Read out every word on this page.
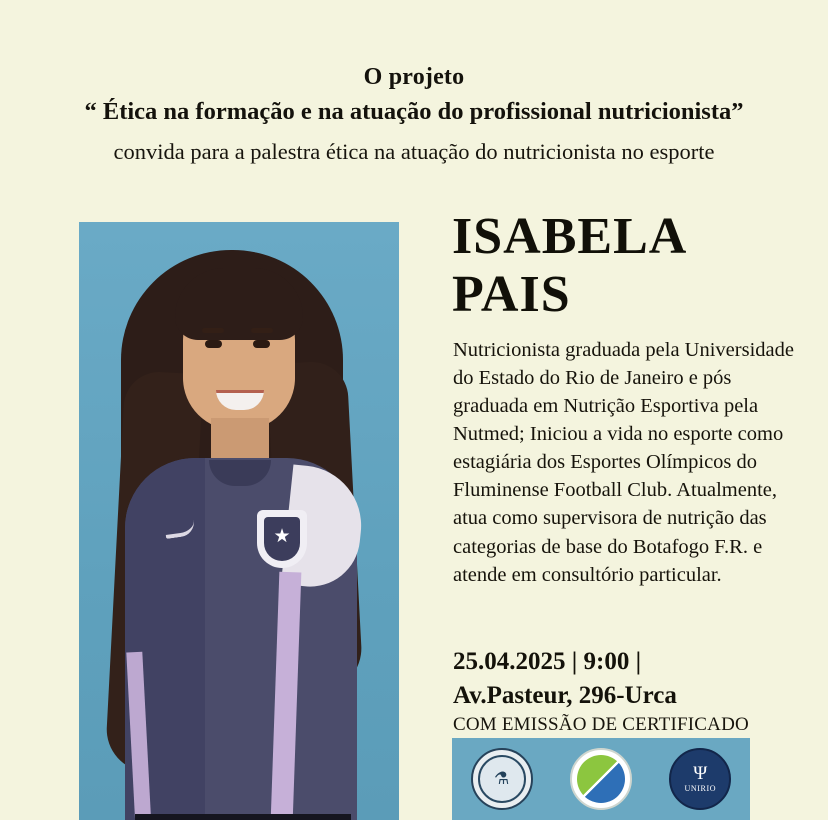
O projeto
“ Ética na formação e na atuação do profissional nutricionista”
convida para a palestra ética na atuação do nutricionista no esporte
★
ISABELA
PAIS
Nutricionista graduada pela Universidade do Estado do Rio de Janeiro e pós graduada em Nutrição Esportiva pela Nutmed; Iniciou a vida no esporte como estagiária dos Esportes Olímpicos do Fluminense Football Club. Atualmente, atua como supervisora de nutrição das categorias de base do Botafogo F.R. e atende em consultório particular.
25.04.2025 | 9:00 |
Av.Pasteur, 296-Urca
COM EMISSÃO DE CERTIFICADO
⚗	Ψ
UNIRIO
